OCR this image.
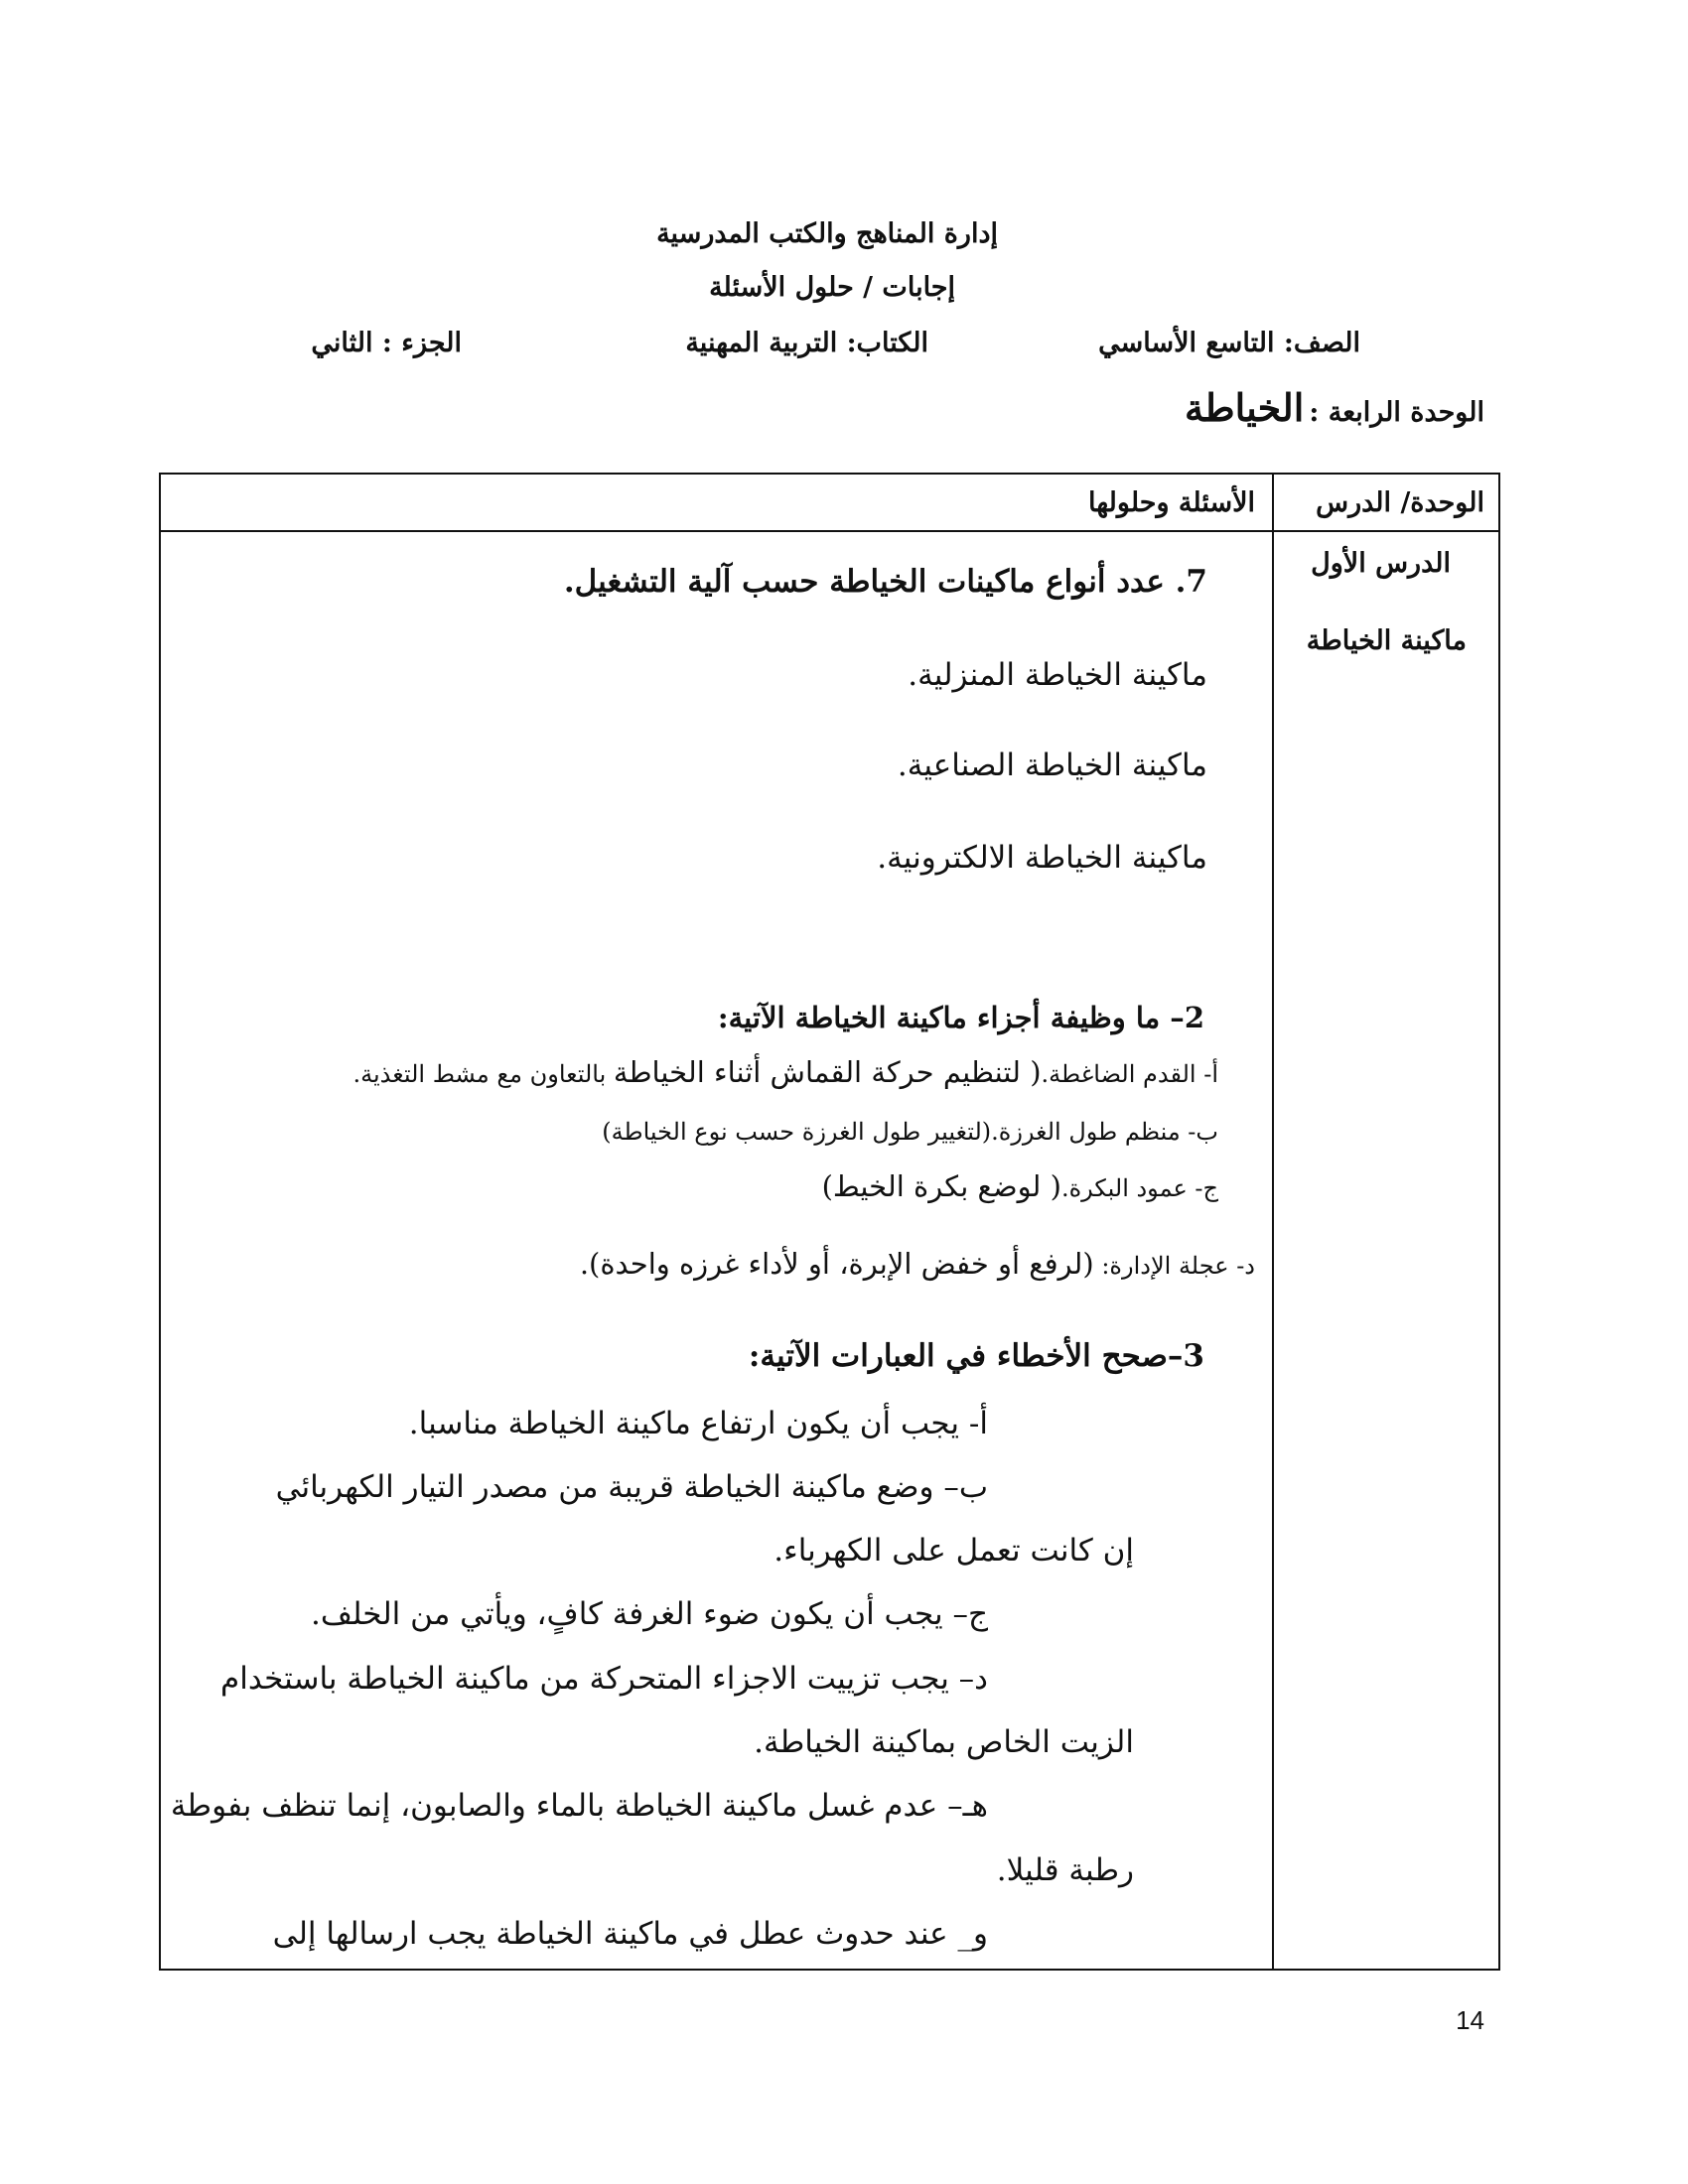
إدارة المناهج والكتب المدرسية
إجابات / حلول الأسئلة
الصف: التاسع الأساسي
الكتاب: التربية المهنية
الجزء : الثاني
الوحدة الرابعة : الخياطة
الوحدة/ الدرس
الأسئلة وحلولها
الدرس الأول
ماكينة الخياطة
7. عدد أنواع ماكينات الخياطة حسب آلية التشغيل.
ماكينة الخياطة المنزلية.
ماكينة الخياطة الصناعية.
ماكينة الخياطة الالكترونية.
2– ما وظيفة أجزاء ماكينة الخياطة الآتية:
أ- القدم الضاغطة.( لتنظيم حركة القماش أثناء الخياطة بالتعاون مع مشط التغذية.
ب- منظم طول الغرزة.(لتغيير طول الغرزة حسب نوع الخياطة)
ج- عمود البكرة.( لوضع بكرة الخيط)
د- عجلة الإدارة: (لرفع أو خفض الإبرة، أو لأداء غرزه واحدة).
3–صحح الأخطاء في العبارات الآتية:
أ- يجب أن يكون ارتفاع ماكينة الخياطة مناسبا.
ب– وضع ماكينة الخياطة قريبة من مصدر التيار الكهربائي
إن كانت تعمل على الكهرباء.
ج– يجب أن يكون ضوء الغرفة كافٍ، ويأتي من الخلف.
د– يجب تزييت الاجزاء المتحركة من ماكينة الخياطة باستخدام
الزيت الخاص بماكينة الخياطة.
هـ– عدم غسل ماكينة الخياطة بالماء والصابون، إنما تنظف بفوطة
رطبة قليلا.
و_ عند حدوث عطل في ماكينة الخياطة يجب ارسالها إلى
14
